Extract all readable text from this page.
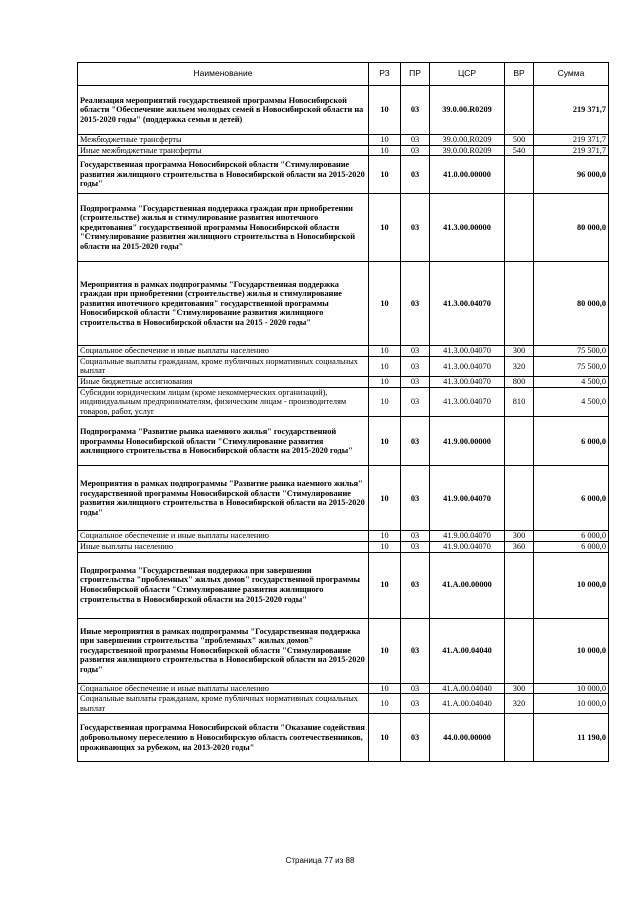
Наименование	РЗ	ПР	ЦСР	ВР	Сумма
Реализация мероприятий государственной программы Новосибирской области "Обеспечение жильем молодых семей в Новосибирской области на 2015-2020 годы" (поддержка семьи и детей)	10	03	39.0.00.R0209		219 371,7
Межбюджетные трансферты	10	03	39.0.00.R0209	500	219 371,7
Иные межбюджетные трансферты	10	03	39.0.00.R0209	540	219 371,7
Государственная программа Новосибирской области "Стимулирование развития жилищного строительства в Новосибирской области на 2015-2020 годы"	10	03	41.0.00.00000		96 000,0
Подпрограмма "Государственная поддержка граждан при приобретении (строительстве) жилья и стимулирование развития ипотечного кредитования" государственной программы Новосибирской области "Стимулирование развития жилищного строительства в Новосибирской области на 2015-2020 годы"	10	03	41.3.00.00000		80 000,0
Мероприятия в рамках подпрограммы "Государственная поддержка граждан при приобретении (строительстве) жилья и стимулирование развития ипотечного кредитования" государственной программы Новосибирской области "Стимулирование развития жилищного строительства в Новосибирской области на 2015 - 2020 годы"	10	03	41.3.00.04070		80 000,0
Социальное обеспечение и иные выплаты населению	10	03	41.3.00.04070	300	75 500,0
Социальные выплаты гражданам, кроме публичных нормативных социальных выплат	10	03	41.3.00.04070	320	75 500,0
Иные бюджетные ассигнования	10	03	41.3.00.04070	800	4 500,0
Субсидии юридическим лицам (кроме некоммерческих организаций), индивидуальным предпринимателям, физическим лицам - производителям товаров, работ, услуг	10	03	41.3.00.04070	810	4 500,0
Подпрограмма "Развитие рынка наемного жилья" государственной программы Новосибирской области "Стимулирование развития жилищного строительства в Новосибирской области на 2015-2020 годы"	10	03	41.9.00.00000		6 000,0
Мероприятия в рамках подпрограммы "Развитие рынка наемного жилья" государственной программы Новосибирской области "Стимулирование развития жилищного строительства в Новосибирской области на 2015-2020 годы"	10	03	41.9.00.04070		6 000,0
Социальное обеспечение и иные выплаты населению	10	03	41.9.00.04070	300	6 000,0
Иные выплаты населению	10	03	41.9.00.04070	360	6 000,0
Подпрограмма "Государственная поддержка при завершении строительства "проблемных" жилых домов" государственной программы Новосибирской области "Стимулирование развития жилищного строительства в Новосибирской области на 2015-2020 годы"	10	03	41.A.00.00000		10 000,0
Иные мероприятия в рамках подпрограммы "Государственная поддержка при завершении строительства "проблемных" жилых домов" государственной программы Новосибирской области "Стимулирование развития жилищного строительства в Новосибирской области на 2015-2020 годы"	10	03	41.A.00.04040		10 000,0
Социальное обеспечение и иные выплаты населению	10	03	41.A.00.04040	300	10 000,0
Социальные выплаты гражданам, кроме публичных нормативных социальных выплат	10	03	41.A.00.04040	320	10 000,0
Государственная программа Новосибирской области "Оказание содействия добровольному переселению в Новосибирскую область соотечественников, проживающих за рубежом, на 2013-2020 годы"	10	03	44.0.00.00000		11 190,0
Страница 77 из 88
